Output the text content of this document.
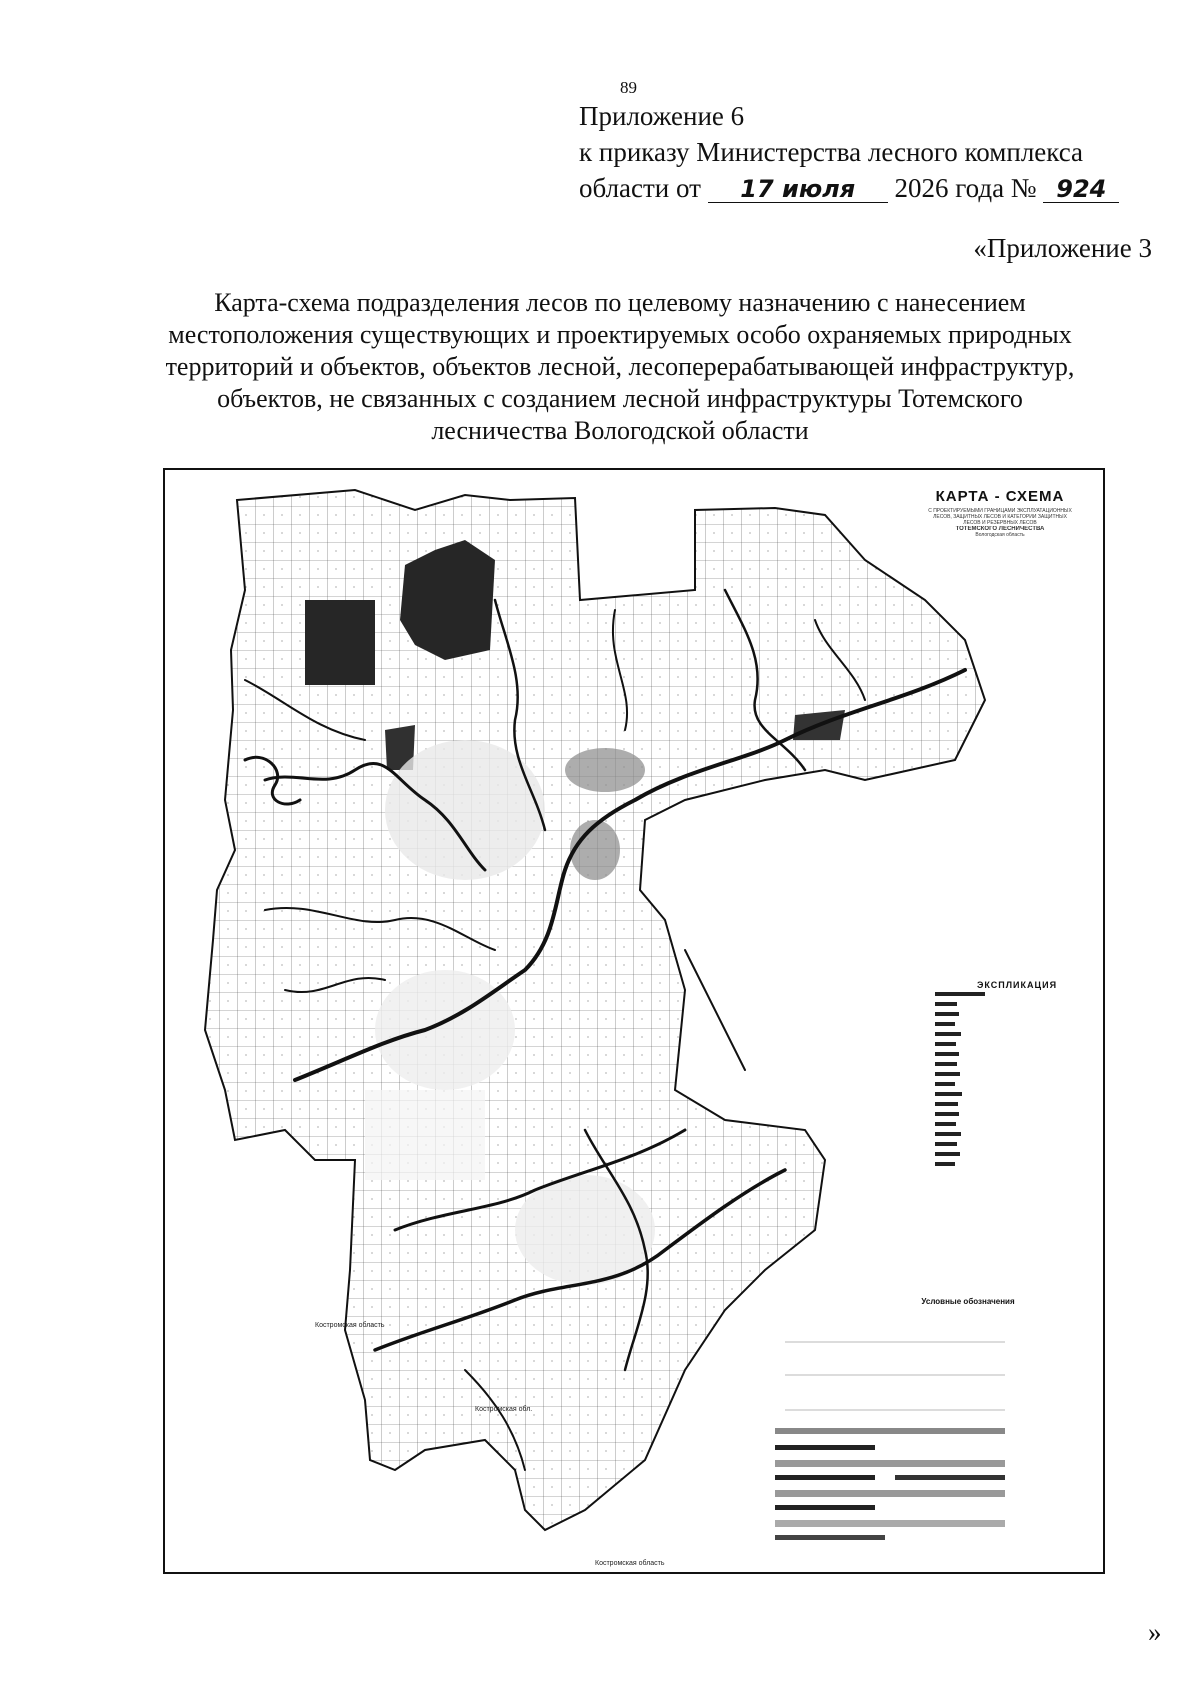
89
Приложение 6
к приказу Министерства лесного комплекса
области от 17 июля 2026 года № 924
«Приложение 3
Карта-схема подразделения лесов по целевому назначению с нанесением
местоположения существующих и проектируемых особо охраняемых природных
территорий и объектов, объектов лесной, лесоперерабатывающей инфраструктур,
объектов, не связанных с созданием лесной инфраструктуры Тотемского
лесничества Вологодской области
КАРТА - СХЕМА
С ПРОЕКТИРУЕМЫМИ ГРАНИЦАМИ ЭКСПЛУАТАЦИОННЫХ
ЛЕСОВ, ЗАЩИТНЫХ ЛЕСОВ И КАТЕГОРИЙ ЗАЩИТНЫХ
ЛЕСОВ И РЕЗЕРВНЫХ ЛЕСОВ
ТОТЕМСКОГО ЛЕСНИЧЕСТВА
Вологодская область
ЭКСПЛИКАЦИЯ
Условные обозначения
Костромская область
Костромская обл.
Костромская область
»
